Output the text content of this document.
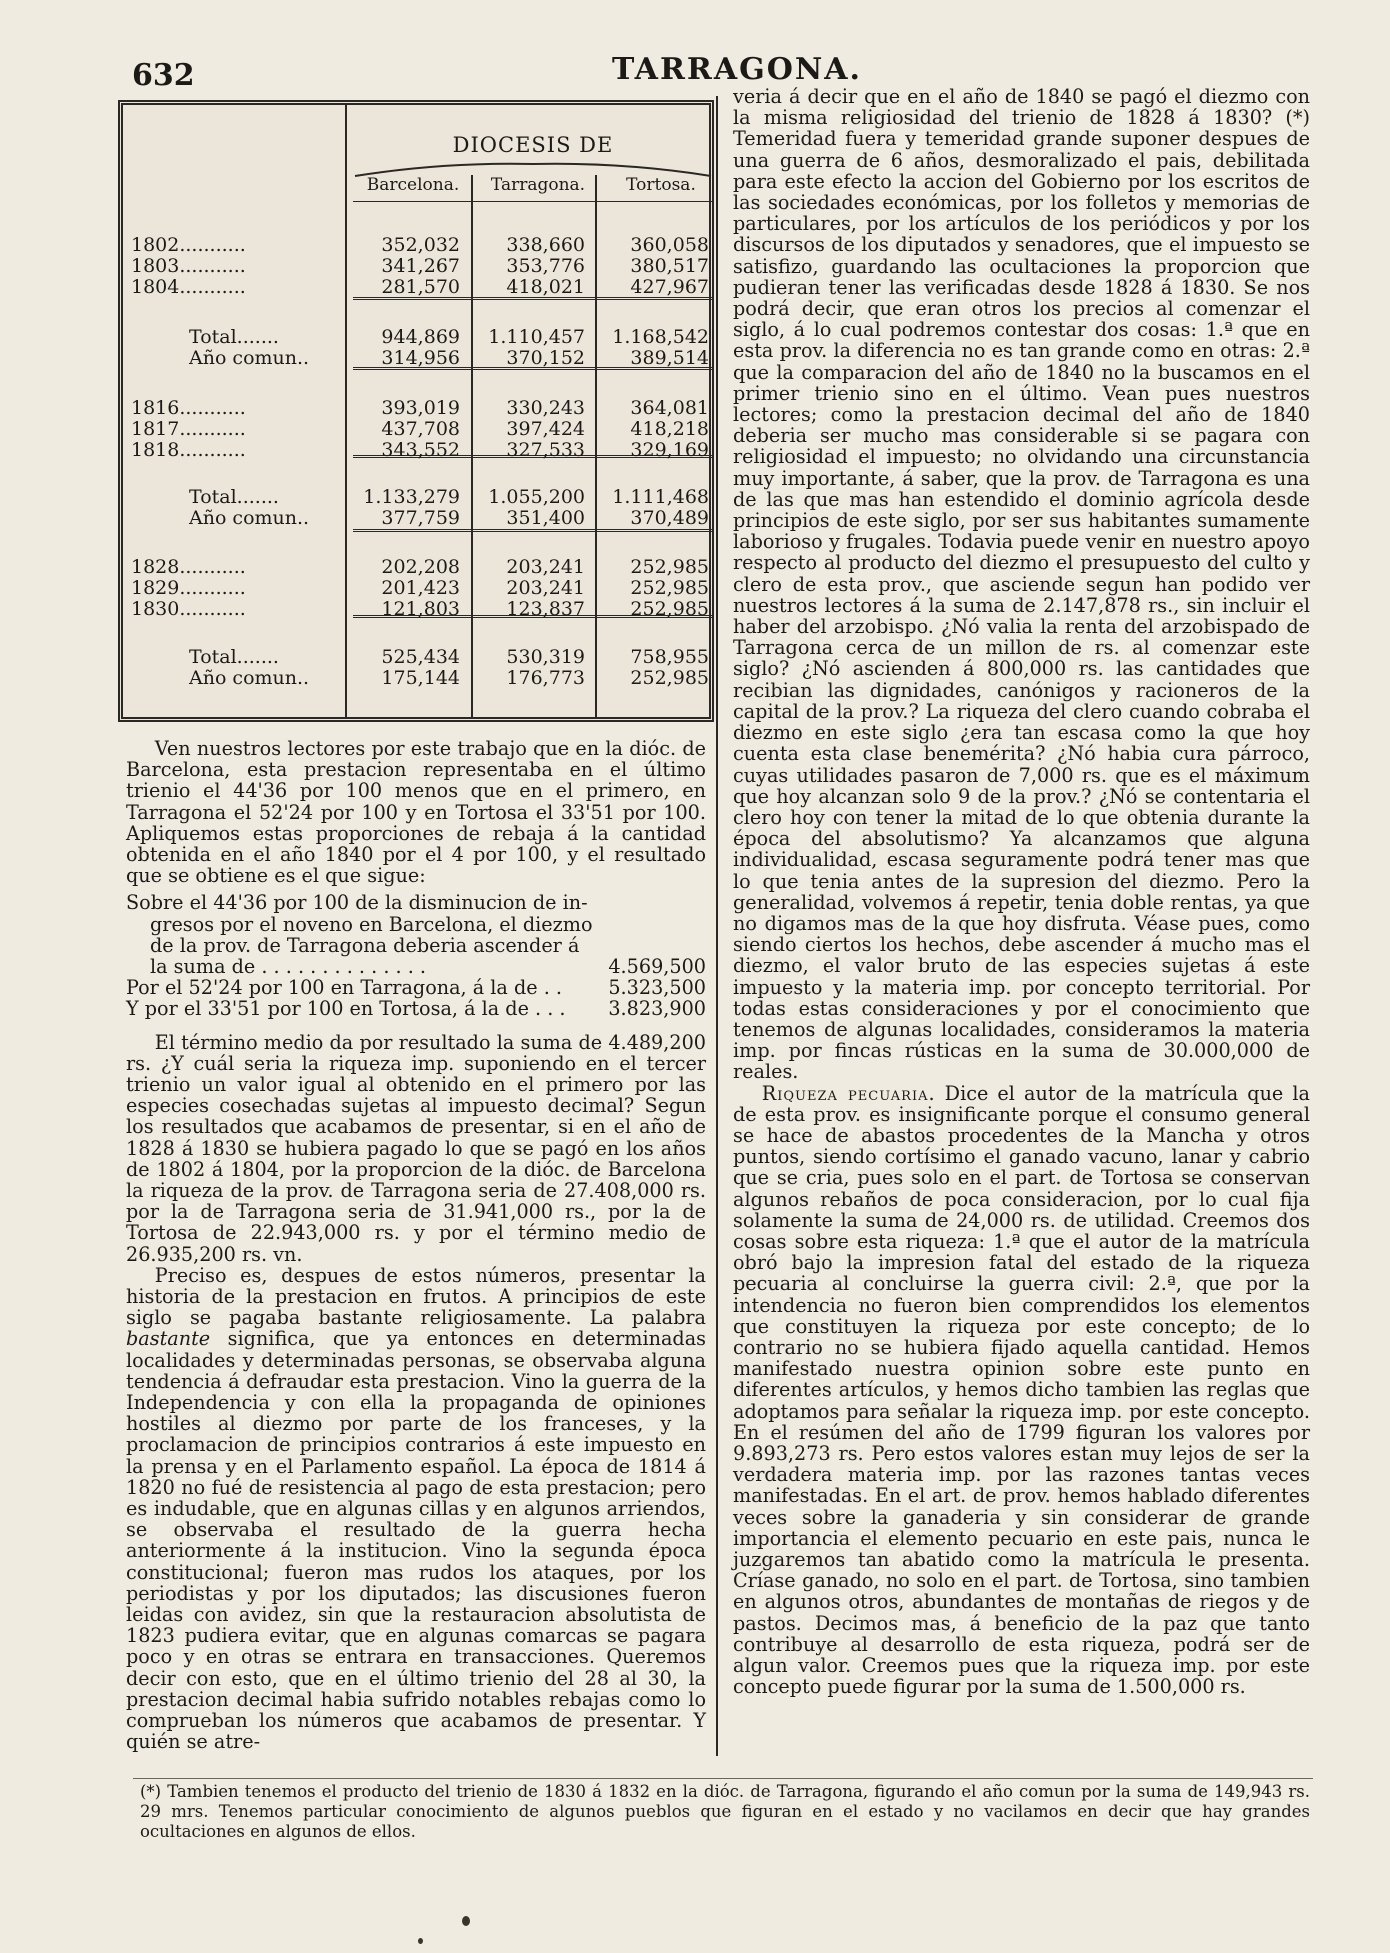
632	TARRAGONA.
DIOCESIS DE
Barcelona.	Tarragona.	Tortosa.
1802...........	352,032	338,660	360,058
1803...........	341,267	353,776	380,517
1804...........	281,570	418,021	427,967
Total.......	944,869	1.110,457	1.168,542
Año comun..	314,956	370,152	389,514
1816...........	393,019	330,243	364,081
1817...........	437,708	397,424	418,218
1818...........	343,552	327,533	329,169
Total.......	1.133,279	1.055,200	1.111,468
Año comun..	377,759	351,400	370,489
1828...........	202,208	203,241	252,985
1829...........	201,423	203,241	252,985
1830...........	121,803	123,837	252,985
Total.......	525,434	530,319	758,955
Año comun..	175,144	176,773	252,985

Ven nuestros lectores por este trabajo que en la dióc. de Barcelona, esta prestacion representaba en el último trienio el 44'36 por 100 menos que en el primero, en Tarragona el 52'24 por 100 y en Tortosa el 33'51 por 100. Apliquemos estas proporciones de rebaja á la cantidad obtenida en el año 1840 por el 4 por 100, y el resultado que se obtiene es el que sigue:

Sobre el 44'36 por 100 de la disminucion de in-
gresos por el noveno en Barcelona, el diezmo
de la prov. de Tarragona deberia ascender á
la suma de . . . . . . . . . . . . . .	4.569,500
Por el 52'24 por 100 en Tarragona, á la de . . 5.323,500
Y por el 33'51 por 100 en Tortosa, á la de . . . 3.823,900

El término medio da por resultado la suma de 4.489,200 rs. ¿Y cuál seria la riqueza imp. suponiendo en el tercer trienio un valor igual al obtenido en el primero por las especies cosechadas sujetas al impuesto decimal? Segun los resultados que acabamos de presentar, si en el año de 1828 á 1830 se hubiera pagado lo que se pagó en los años de 1802 á 1804, por la proporcion de la dióc. de Barcelona la riqueza de la prov. de Tarragona seria de 27.408,000 rs. por la de Tarragona seria de 31.941,000 rs., por la de Tortosa de 22.943,000 rs. y por el término medio de 26.935,200 rs. vn.

Preciso es, despues de estos números, presentar la historia de la prestacion en frutos. A principios de este siglo se pagaba bastante religiosamente. La palabra bastante significa, que ya entonces en determinadas localidades y determinadas personas, se observaba alguna tendencia á defraudar esta prestacion. Vino la guerra de la Independencia y con ella la propaganda de opiniones hostiles al diezmo por parte de los franceses, y la proclamacion de principios contrarios á este impuesto en la prensa y en el Parlamento español. La época de 1814 á 1820 no fué de resistencia al pago de esta prestacion; pero es indudable, que en algunas cillas y en algunos arriendos, se observaba el resultado de la guerra hecha anteriormente á la institucion. Vino la segunda época constitucional; fueron mas rudos los ataques, por los periodistas y por los diputados; las discusiones fueron leidas con avidez, sin que la restauracion absolutista de 1823 pudiera evitar, que en algunas comarcas se pagara poco y en otras se entrara en transacciones. Queremos decir con esto, que en el último trienio del 28 al 30, la prestacion decimal habia sufrido notables rebajas como lo comprueban los números que acabamos de presentar. Y quién se atre-

veria á decir que en el año de 1840 se pagó el diezmo con la misma religiosidad del trienio de 1828 á 1830? (*) Temeridad fuera y temeridad grande suponer despues de una guerra de 6 años, desmoralizado el pais, debilitada para este efecto la accion del Gobierno por los escritos de las sociedades económicas, por los folletos y memorias de particulares, por los artículos de los periódicos y por los discursos de los diputados y senadores, que el impuesto se satisfizo, guardando las ocultaciones la proporcion que pudieran tener las verificadas desde 1828 á 1830. Se nos podrá decir, que eran otros los precios al comenzar el siglo, á lo cual podremos contestar dos cosas: 1.ª que en esta prov. la diferencia no es tan grande como en otras: 2.ª que la comparacion del año de 1840 no la buscamos en el primer trienio sino en el último. Vean pues nuestros lectores; como la prestacion decimal del año de 1840 deberia ser mucho mas considerable si se pagara con religiosidad el impuesto; no olvidando una circunstancia muy importante, á saber, que la prov. de Tarragona es una de las que mas han estendido el dominio agrícola desde principios de este siglo, por ser sus habitantes sumamente laborioso y frugales. Todavia puede venir en nuestro apoyo respecto al producto del diezmo el presupuesto del culto y clero de esta prov., que asciende segun han podido ver nuestros lectores á la suma de 2.147,878 rs., sin incluir el haber del arzobispo. ¿Nó valia la renta del arzobispado de Tarragona cerca de un millon de rs. al comenzar este siglo? ¿Nó ascienden á 800,000 rs. las cantidades que recibian las dignidades, canónigos y racioneros de la capital de la prov.? La riqueza del clero cuando cobraba el diezmo en este siglo ¿era tan escasa como la que hoy cuenta esta clase benemérita? ¿Nó habia cura párroco, cuyas utilidades pasaron de 7,000 rs. que es el máximum que hoy alcanzan solo 9 de la prov.? ¿Nó se contentaria el clero hoy con tener la mitad de lo que obtenia durante la época del absolutismo? Ya alcanzamos que alguna individualidad, escasa seguramente podrá tener mas que lo que tenia antes de la supresion del diezmo. Pero la generalidad, volvemos á repetir, tenia doble rentas, ya que no digamos mas de la que hoy disfruta. Véase pues, como siendo ciertos los hechos, debe ascender á mucho mas el diezmo, el valor bruto de las especies sujetas á este impuesto y la materia imp. por concepto territorial. Por todas estas consideraciones y por el conocimiento que tenemos de algunas localidades, consideramos la materia imp. por fincas rústicas en la suma de 30.000,000 de reales.

Riqueza pecuaria. Dice el autor de la matrícula que la de esta prov. es insignificante porque el consumo general se hace de abastos procedentes de la Mancha y otros puntos, siendo cortísimo el ganado vacuno, lanar y cabrio que se cria, pues solo en el part. de Tortosa se conservan algunos rebaños de poca consideracion, por lo cual fija solamente la suma de 24,000 rs. de utilidad. Creemos dos cosas sobre esta riqueza: 1.ª que el autor de la matrícula obró bajo la impresion fatal del estado de la riqueza pecuaria al concluirse la guerra civil: 2.ª, que por la intendencia no fueron bien comprendidos los elementos que constituyen la riqueza por este concepto; de lo contrario no se hubiera fijado aquella cantidad. Hemos manifestado nuestra opinion sobre este punto en diferentes artículos, y hemos dicho tambien las reglas que adoptamos para señalar la riqueza imp. por este concepto. En el resúmen del año de 1799 figuran los valores por 9.893,273 rs. Pero estos valores estan muy lejos de ser la verdadera materia imp. por las razones tantas veces manifestadas. En el art. de prov. hemos hablado diferentes veces sobre la ganaderia y sin considerar de grande importancia el elemento pecuario en este pais, nunca le juzgaremos tan abatido como la matrícula le presenta. Críase ganado, no solo en el part. de Tortosa, sino tambien en algunos otros, abundantes de montañas de riegos y de pastos. Decimos mas, á beneficio de la paz que tanto contribuye al desarrollo de esta riqueza, podrá ser de algun valor. Creemos pues que la riqueza imp. por este concepto puede figurar por la suma de 1.500,000 rs.

(*) Tambien tenemos el producto del trienio de 1830 á 1832 en la dióc. de Tarragona, figurando el año comun por la suma de 149,943 rs. 29 mrs. Tenemos particular conocimiento de algunos pueblos que figuran en el estado y no vacilamos en decir que hay grandes ocultaciones en algunos de ellos.
